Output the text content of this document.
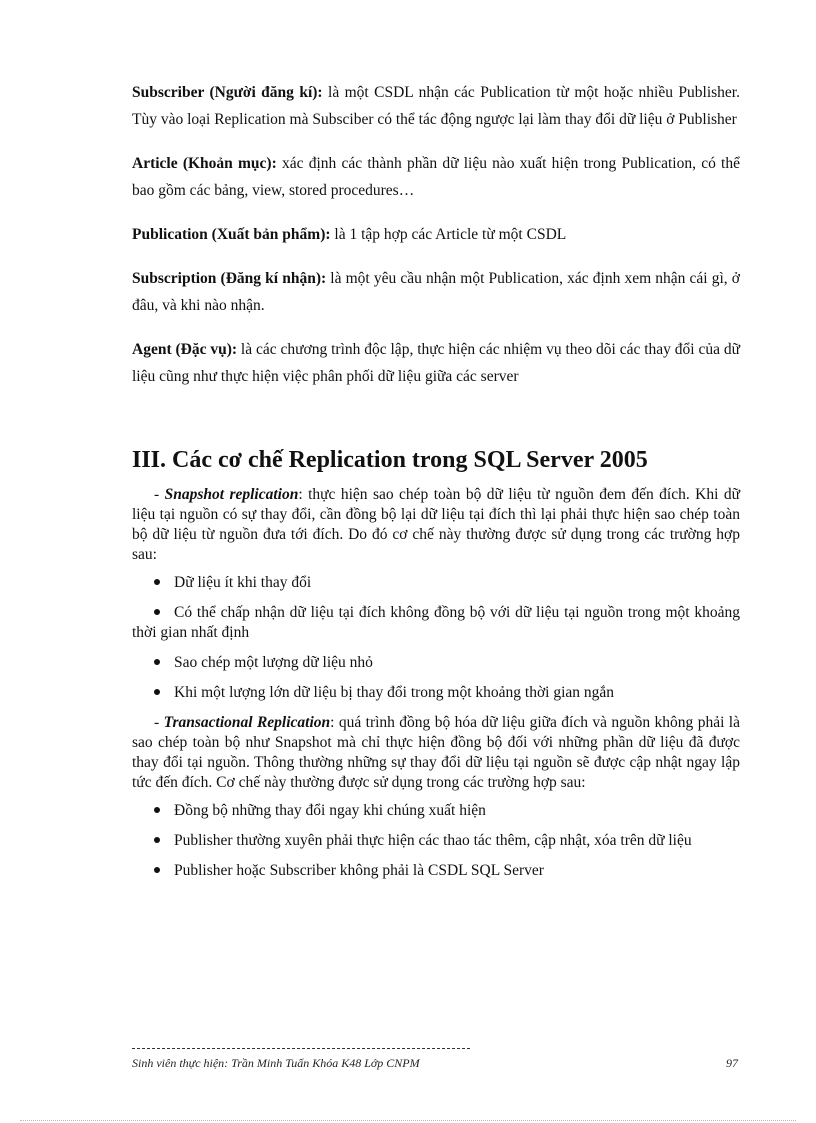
Subscriber (Người đăng kí): là một CSDL nhận các Publication từ một hoặc nhiều Publisher. Tùy vào loại Replication mà Subsciber có thể tác động ngược lại làm thay đổi dữ liệu ở Publisher

Article (Khoản mục): xác định các thành phần dữ liệu nào xuất hiện trong Publication, có thể bao gồm các bảng, view, stored procedures…

Publication (Xuất bản phẩm): là 1 tập hợp các Article từ một CSDL

Subscription (Đăng kí nhận): là một yêu cầu nhận một Publication, xác định xem nhận cái gì, ở đâu, và khi nào nhận.

Agent (Đặc vụ): là các chương trình độc lập, thực hiện các nhiệm vụ theo dõi các thay đổi của dữ liệu cũng như thực hiện việc phân phối dữ liệu giữa các server

III. Các cơ chế Replication trong SQL Server 2005

- Snapshot replication: thực hiện sao chép toàn bộ dữ liệu từ nguồn đem đến đích. Khi dữ liệu tại nguồn có sự thay đổi, cần đồng bộ lại dữ liệu tại đích thì lại phải thực hiện sao chép toàn bộ dữ liệu từ nguồn đưa tới đích. Do đó cơ chế này thường được sử dụng trong các trường hợp sau:

Dữ liệu ít khi thay đổi

Có thể chấp nhận dữ liệu tại đích không đồng bộ với dữ liệu tại nguồn trong một khoảng thời gian nhất định

Sao chép một lượng dữ liệu nhỏ

Khi một lượng lớn dữ liệu bị thay đổi trong một khoảng thời gian ngắn

- Transactional Replication: quá trình đồng bộ hóa dữ liệu giữa đích và nguồn không phải là sao chép toàn bộ như Snapshot mà chỉ thực hiện đồng bộ đối với những phần dữ liệu đã được thay đổi tại nguồn. Thông thường những sự thay đổi dữ liệu tại nguồn sẽ được cập nhật ngay lập tức đến đích. Cơ chế này thường được sử dụng trong các trường hợp sau:

Đồng bộ những thay đổi ngay khi chúng xuất hiện

Publisher thường xuyên phải thực hiện các thao tác thêm, cập nhật, xóa trên dữ liệu

Publisher hoặc Subscriber không phải là CSDL SQL Server

Sinh viên thực hiện: Trần Minh Tuấn Khóa K48 Lớp CNPM	97
